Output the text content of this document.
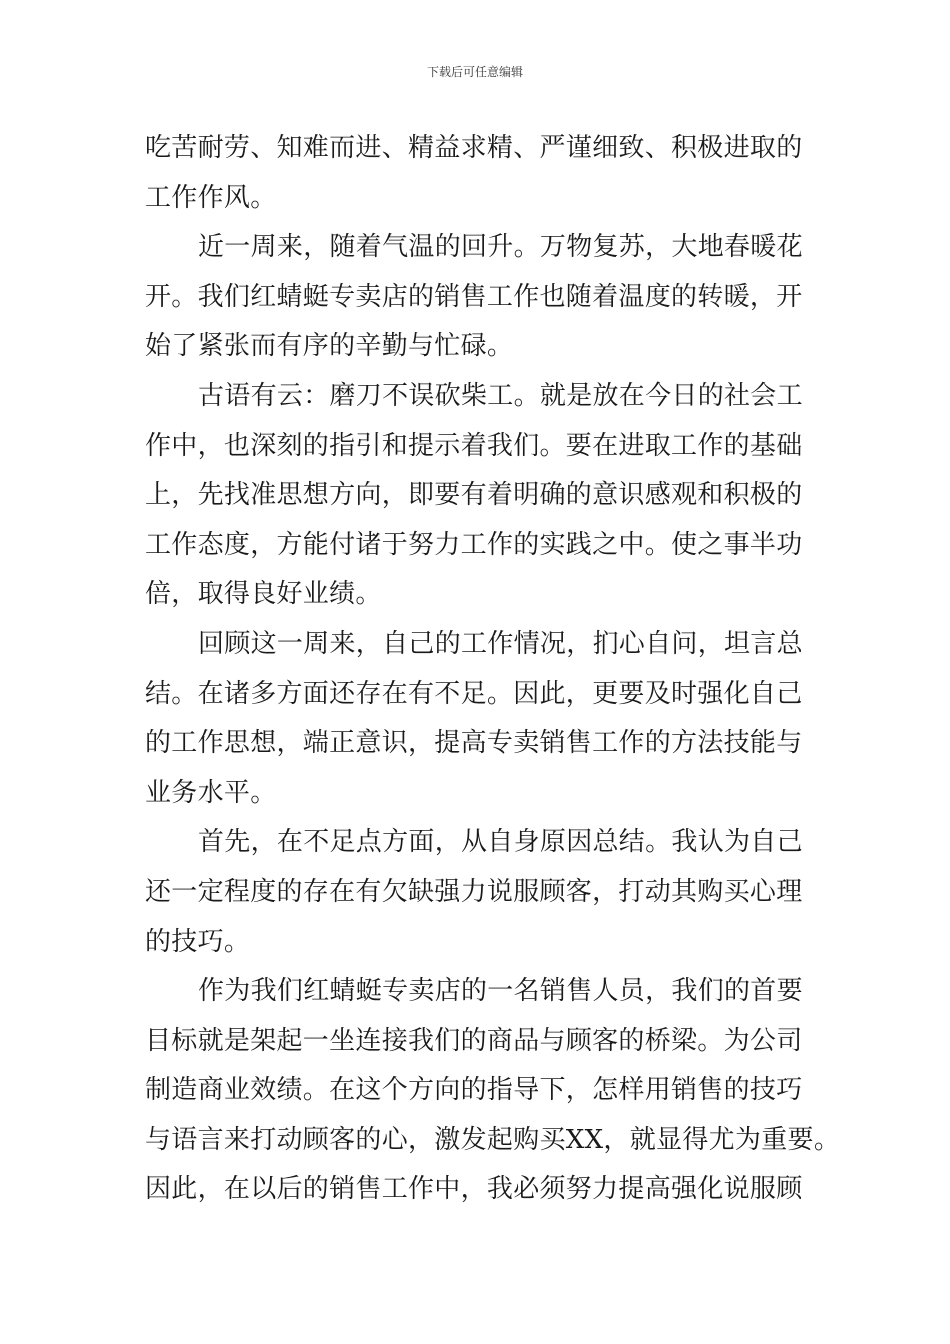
下载后可任意编辑
吃苦耐劳、知难而进、精益求精、严谨细致、积极进取的
工作作风。
近一周来，随着气温的回升。万物复苏，大地春暖花
开。我们红蜻蜓专卖店的销售工作也随着温度的转暖，开
始了紧张而有序的辛勤与忙碌。
古语有云：磨刀不误砍柴工。就是放在今日的社会工
作中，也深刻的指引和提示着我们。要在进取工作的基础
上，先找准思想方向，即要有着明确的意识感观和积极的
工作态度，方能付诸于努力工作的实践之中。使之事半功
倍，取得良好业绩。
回顾这一周来，自己的工作情况，扪心自问，坦言总
结。在诸多方面还存在有不足。因此，更要及时强化自己
的工作思想，端正意识，提高专卖销售工作的方法技能与
业务水平。
首先，在不足点方面，从自身原因总结。我认为自己
还一定程度的存在有欠缺强力说服顾客，打动其购买心理
的技巧。
作为我们红蜻蜓专卖店的一名销售人员，我们的首要
目标就是架起一坐连接我们的商品与顾客的桥梁。为公司
制造商业效绩。在这个方向的指导下，怎样用销售的技巧
与语言来打动顾客的心，激发起购买XX，就显得尤为重要。
因此，在以后的销售工作中，我必须努力提高强化说服顾
